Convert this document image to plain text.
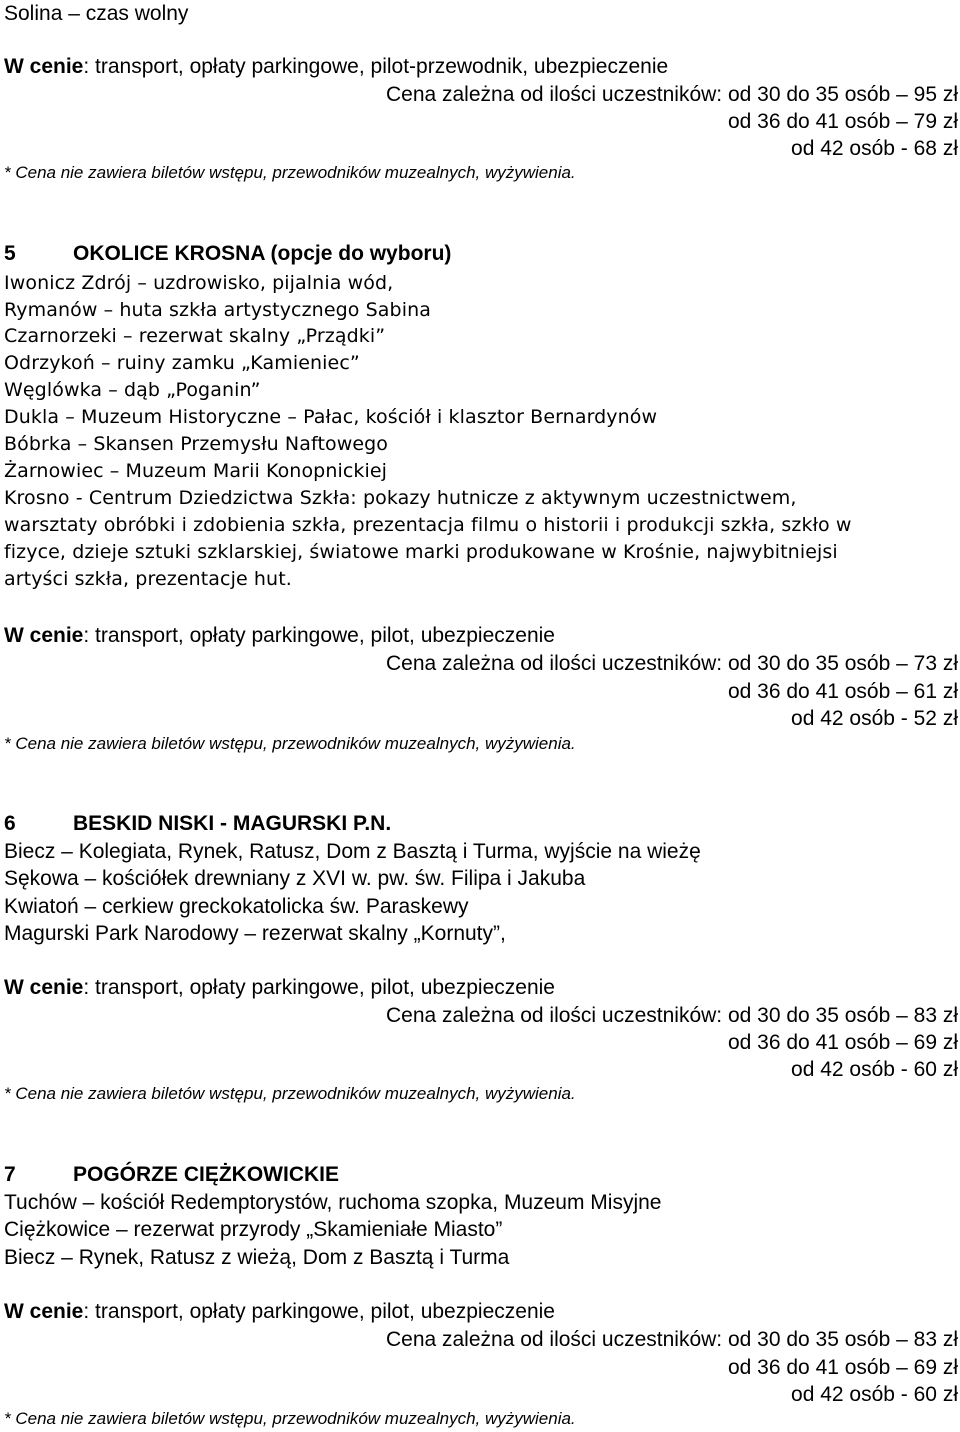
Solina – czas wolny
W cenie: transport, opłaty parkingowe, pilot-przewodnik, ubezpieczenie
Cena zależna od ilości uczestników: od 30 do 35 osób – 95 zł
od 36 do 41 osób – 79 zł
od 42 osób - 68 zł
* Cena nie zawiera biletów wstępu, przewodników muzealnych, wyżywienia.
5	OKOLICE KROSNA (opcje do wyboru)
Iwonicz Zdrój – uzdrowisko, pijalnia wód,
Rymanów – huta szkła artystycznego Sabina
Czarnorzeki – rezerwat skalny „Prządki”
Odrzykoń – ruiny zamku „Kamieniec”
Węglówka – dąb „Poganin”
Dukla – Muzeum Historyczne – Pałac, kościół i klasztor Bernardynów
Bóbrka – Skansen Przemysłu Naftowego
Żarnowiec – Muzeum Marii Konopnickiej
Krosno - Centrum Dziedzictwa Szkła: pokazy hutnicze z aktywnym uczestnictwem,
warsztaty obróbki i zdobienia szkła, prezentacja filmu o historii i produkcji szkła, szkło w
fizyce, dzieje sztuki szklarskiej, światowe marki produkowane w Krośnie, najwybitniejsi
artyści szkła, prezentacje hut.
W cenie: transport, opłaty parkingowe, pilot, ubezpieczenie
Cena zależna od ilości uczestników: od 30 do 35 osób – 73 zł
od 36 do 41 osób – 61 zł
od 42 osób - 52 zł
* Cena nie zawiera biletów wstępu, przewodników muzealnych, wyżywienia.
6	BESKID NISKI - MAGURSKI P.N.
Biecz – Kolegiata, Rynek, Ratusz, Dom z Basztą i Turma, wyjście na wieżę
Sękowa – kościółek drewniany z XVI w. pw. św. Filipa i Jakuba
Kwiatoń – cerkiew greckokatolicka św. Paraskewy
Magurski Park Narodowy – rezerwat skalny „Kornuty”,
W cenie: transport, opłaty parkingowe, pilot, ubezpieczenie
Cena zależna od ilości uczestników: od 30 do 35 osób – 83 zł
od 36 do 41 osób – 69 zł
od 42 osób - 60 zł
* Cena nie zawiera biletów wstępu, przewodników muzealnych, wyżywienia.
7	POGÓRZE CIĘŻKOWICKIE
Tuchów – kościół Redemptorystów, ruchoma szopka, Muzeum Misyjne
Ciężkowice – rezerwat przyrody „Skamieniałe Miasto”
Biecz – Rynek, Ratusz z wieżą, Dom z Basztą i Turma
W cenie: transport, opłaty parkingowe, pilot, ubezpieczenie
Cena zależna od ilości uczestników: od 30 do 35 osób – 83 zł
od 36 do 41 osób – 69 zł
od 42 osób - 60 zł
* Cena nie zawiera biletów wstępu, przewodników muzealnych, wyżywienia.
